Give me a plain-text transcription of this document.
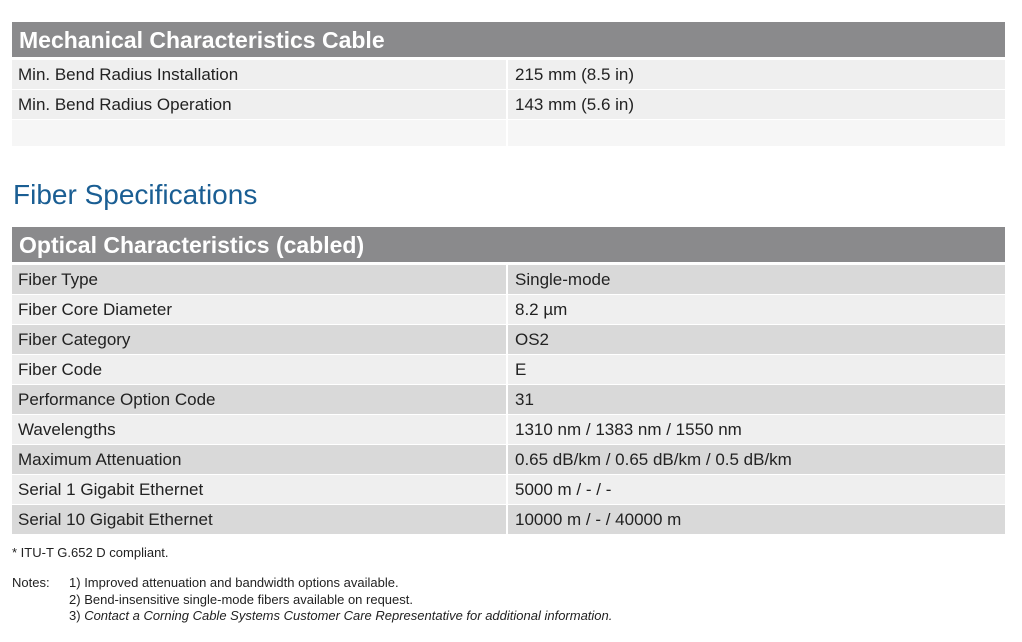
Mechanical Characteristics Cable
Min. Bend Radius Installation	215 mm (8.5 in)
Min. Bend Radius Operation	143 mm (5.6 in)
Fiber Specifications
Optical Characteristics (cabled)
Fiber Type	Single-mode
Fiber Core Diameter	8.2 µm
Fiber Category	OS2
Fiber Code	E
Performance Option Code	31
Wavelengths	1310 nm / 1383 nm / 1550 nm
Maximum Attenuation	0.65 dB/km / 0.65 dB/km / 0.5 dB/km
Serial 1 Gigabit Ethernet	5000 m / - / -
Serial 10 Gigabit Ethernet	10000 m / - / 40000 m
* ITU-T G.652 D compliant.
Notes: 1) Improved attenuation and bandwidth options available.
2) Bend-insensitive single-mode fibers available on request.
3) Contact a Corning Cable Systems Customer Care Representative for additional information.
